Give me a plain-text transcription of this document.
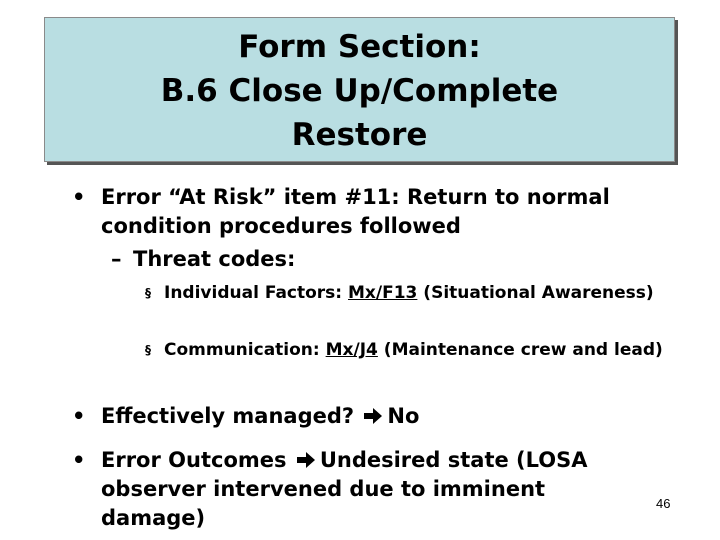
Form Section:
B.6 Close Up/Complete
Restore
• Error “At Risk” item #11: Return to normal condition procedures followed
– Threat codes:
§ Individual Factors: Mx/F13 (Situational Awareness)
§ Communication: Mx/J4 (Maintenance crew and lead)
• Effectively managed? No
• Error Outcomes Undesired state (LOSA observer intervened due to imminent damage)
46
